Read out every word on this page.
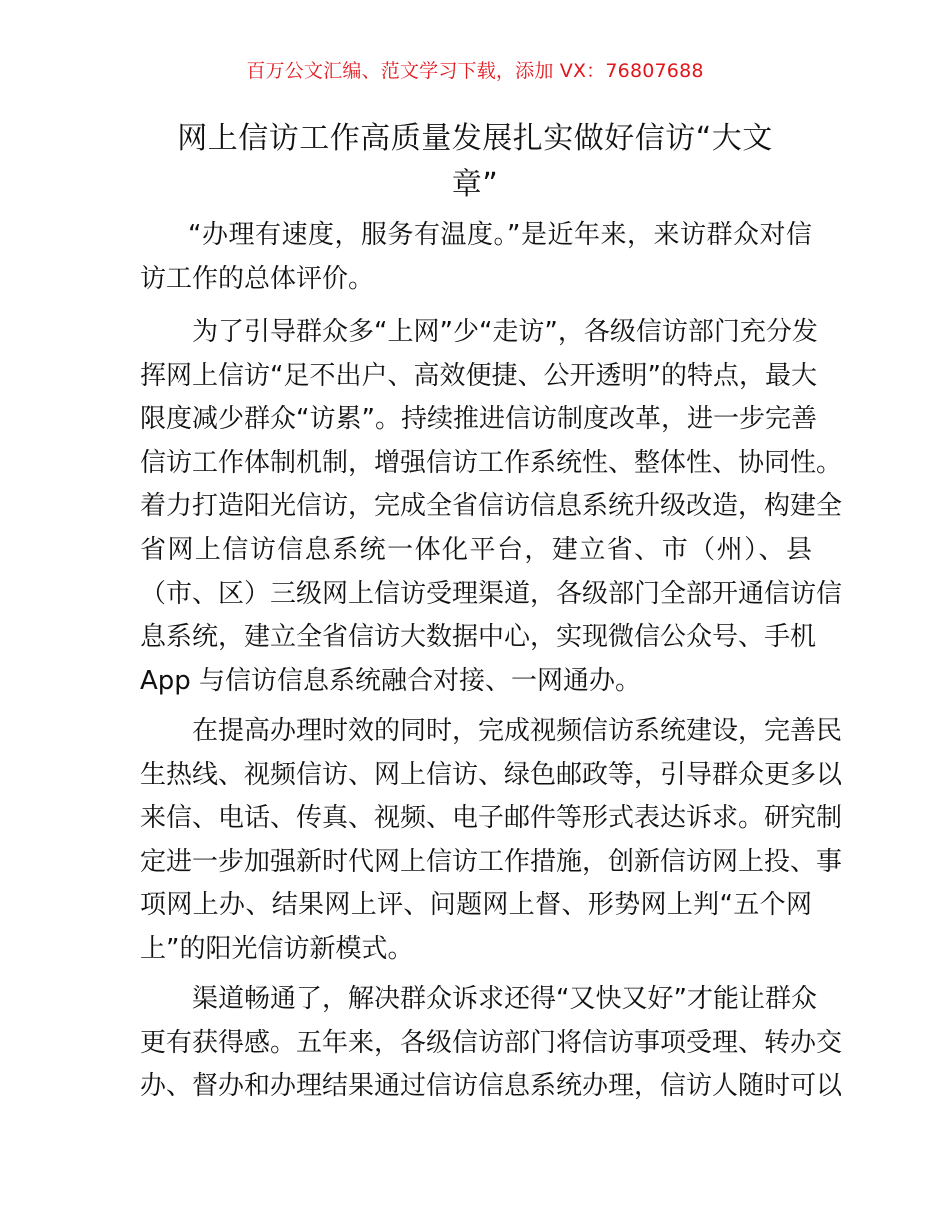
百万公文汇编、范文学习下载，添加 VX：76807688
网上信访工作高质量发展扎实做好信访“大文
章”
“办理有速度，服务有温度。”是近年来，来访群众对信
访工作的总体评价。
为了引导群众多“上网”少“走访”，各级信访部门充分发
挥网上信访“足不出户、高效便捷、公开透明”的特点，最大
限度减少群众“访累”。持续推进信访制度改革，进一步完善
信访工作体制机制，增强信访工作系统性、整体性、协同性。
着力打造阳光信访，完成全省信访信息系统升级改造，构建全
省网上信访信息系统一体化平台，建立省、市（州）、县
（市、区）三级网上信访受理渠道，各级部门全部开通信访信
息系统，建立全省信访大数据中心，实现微信公众号、手机
App 与信访信息系统融合对接、一网通办。
在提高办理时效的同时，完成视频信访系统建设，完善民
生热线、视频信访、网上信访、绿色邮政等，引导群众更多以
来信、电话、传真、视频、电子邮件等形式表达诉求。研究制
定进一步加强新时代网上信访工作措施，创新信访网上投、事
项网上办、结果网上评、问题网上督、形势网上判“五个网
上”的阳光信访新模式。
渠道畅通了，解决群众诉求还得“又快又好”才能让群众
更有获得感。五年来，各级信访部门将信访事项受理、转办交
办、督办和办理结果通过信访信息系统办理，信访人随时可以
